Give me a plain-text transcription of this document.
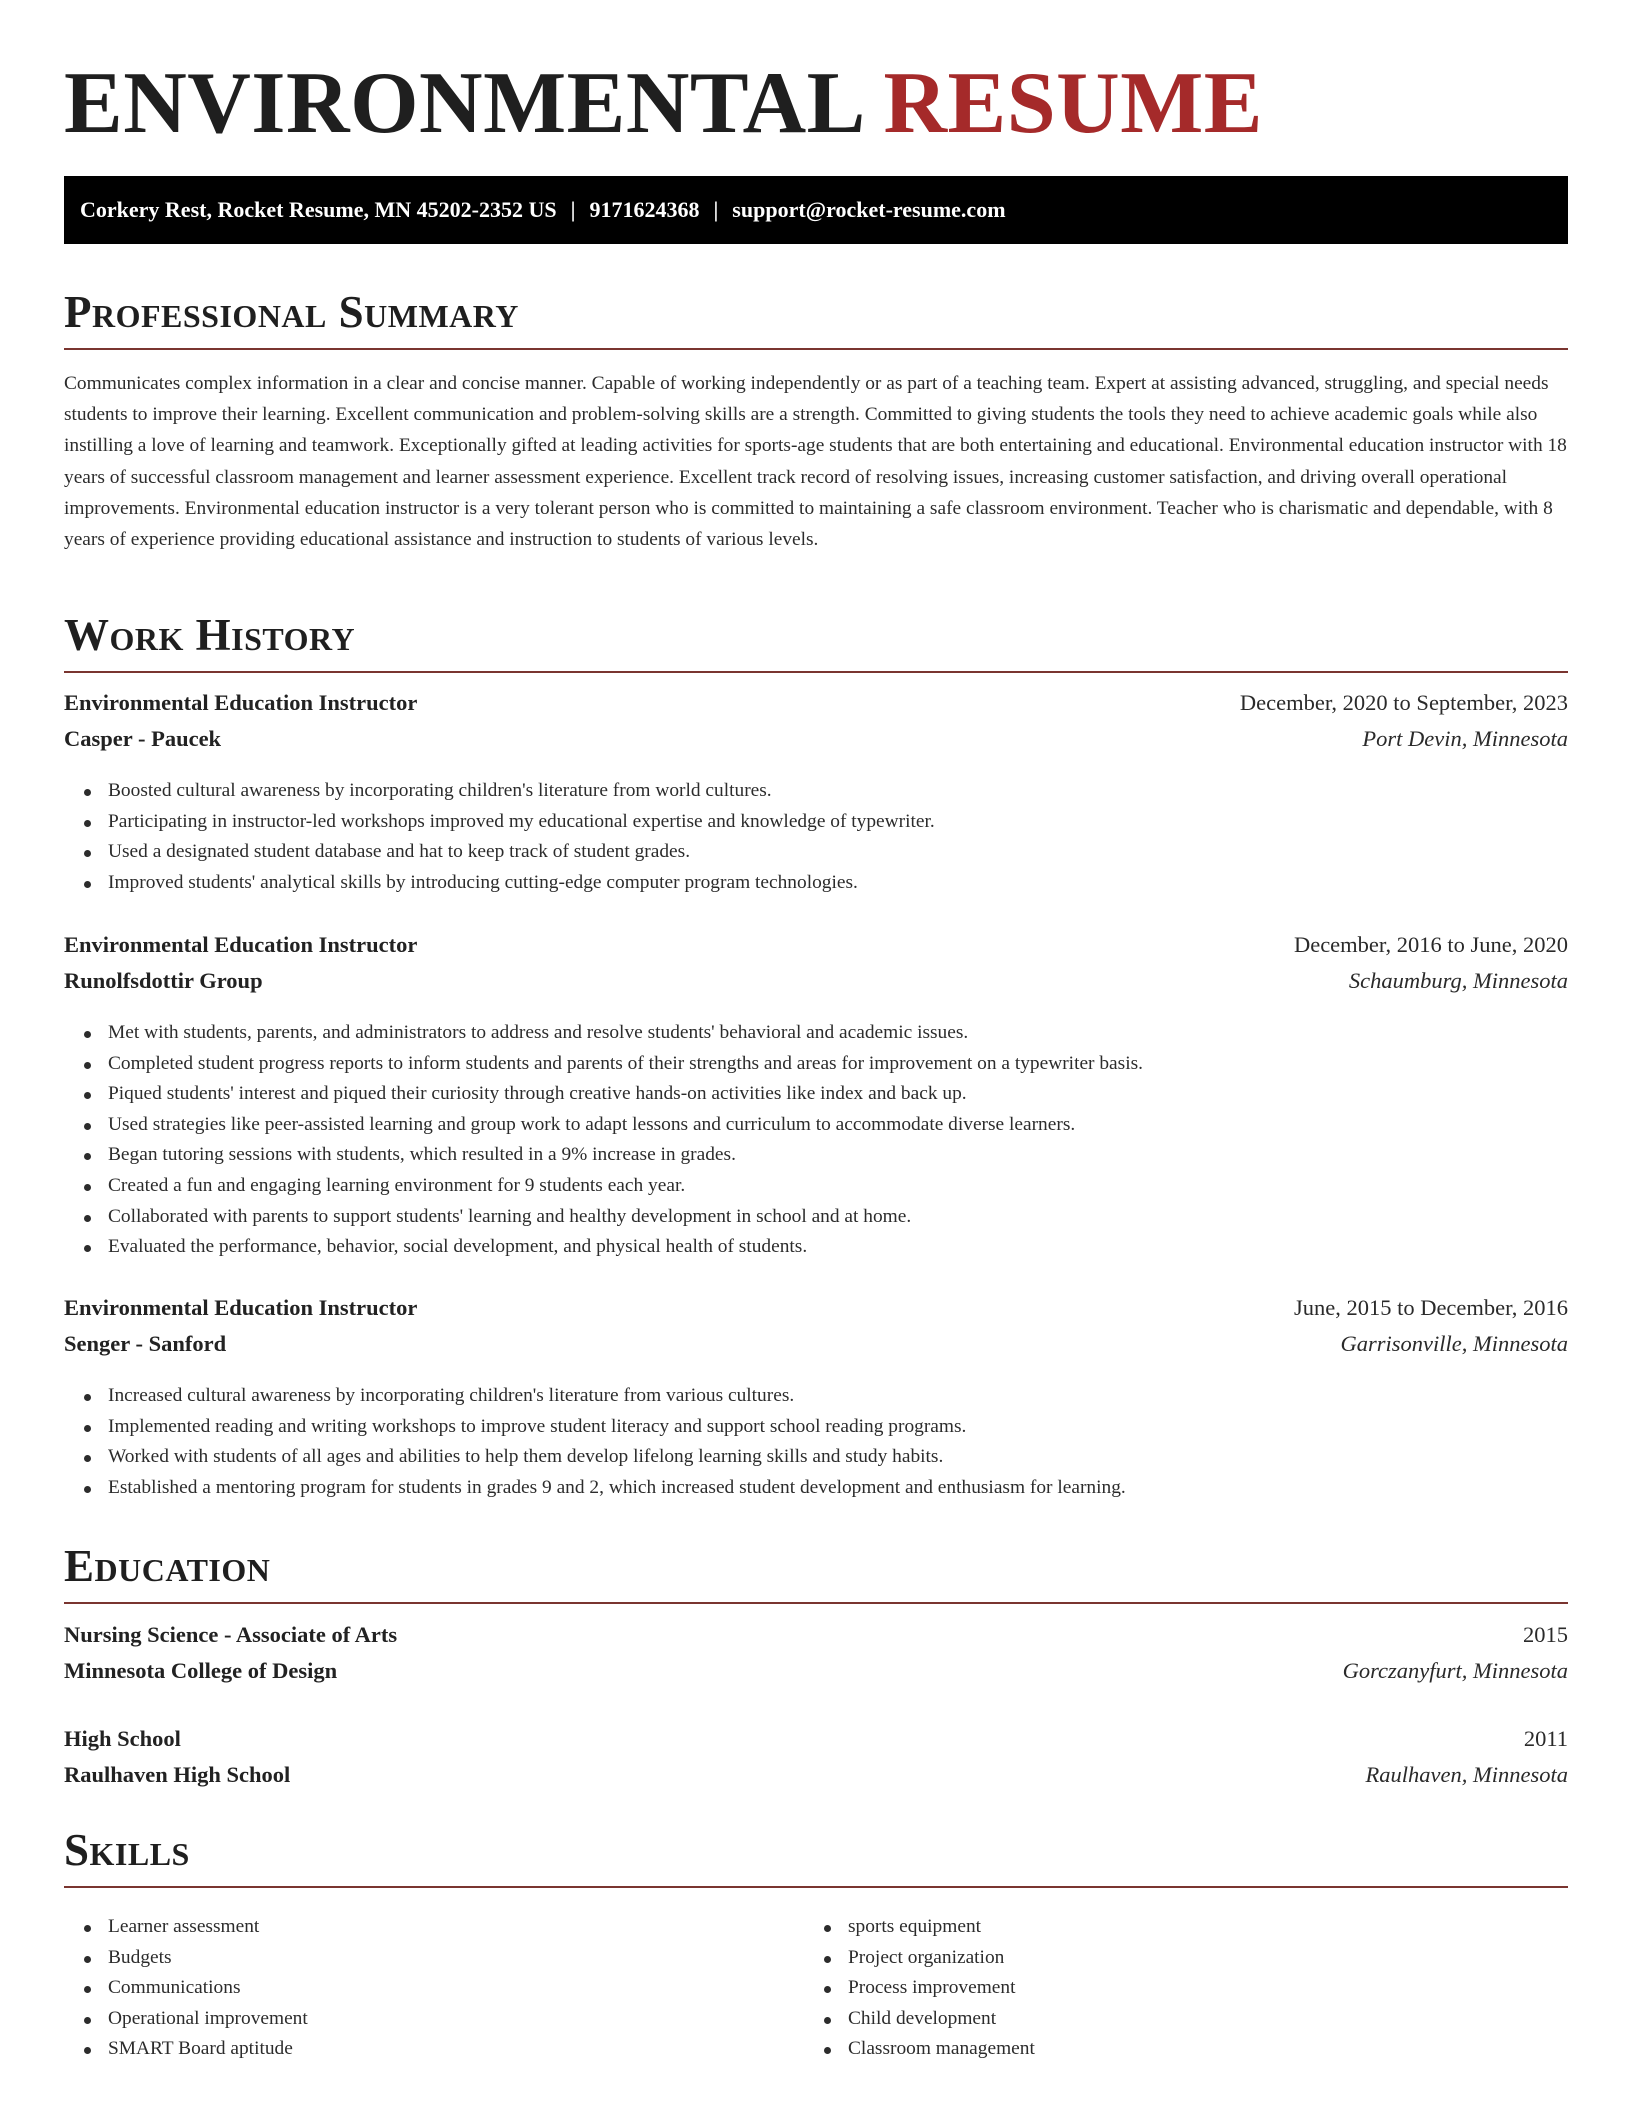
ENVIRONMENTAL RESUME
Corkery Rest, Rocket Resume, MN 45202-2352 US | 9171624368 | support@rocket-resume.com
Professional Summary

Communicates complex information in a clear and concise manner. Capable of working independently or as part of a teaching team. Expert at assisting advanced, struggling, and special needs students to improve their learning. Excellent communication and problem-solving skills are a strength. Committed to giving students the tools they need to achieve academic goals while also instilling a love of learning and teamwork. Exceptionally gifted at leading activities for sports-age students that are both entertaining and educational. Environmental education instructor with 18 years of successful classroom management and learner assessment experience. Excellent track record of resolving issues, increasing customer satisfaction, and driving overall operational improvements. Environmental education instructor is a very tolerant person who is committed to maintaining a safe classroom environment. Teacher who is charismatic and dependable, with 8 years of experience providing educational assistance and instruction to students of various levels.

Work History
Environmental Education Instructor	December, 2020 to September, 2023
Casper - Paucek	Port Devin, Minnesota
Boosted cultural awareness by incorporating children's literature from world cultures.
Participating in instructor-led workshops improved my educational expertise and knowledge of typewriter.
Used a designated student database and hat to keep track of student grades.
Improved students' analytical skills by introducing cutting-edge computer program technologies.
Environmental Education Instructor	December, 2016 to June, 2020
Runolfsdottir Group	Schaumburg, Minnesota
Met with students, parents, and administrators to address and resolve students' behavioral and academic issues.
Completed student progress reports to inform students and parents of their strengths and areas for improvement on a typewriter basis.
Piqued students' interest and piqued their curiosity through creative hands-on activities like index and back up.
Used strategies like peer-assisted learning and group work to adapt lessons and curriculum to accommodate diverse learners.
Began tutoring sessions with students, which resulted in a 9% increase in grades.
Created a fun and engaging learning environment for 9 students each year.
Collaborated with parents to support students' learning and healthy development in school and at home.
Evaluated the performance, behavior, social development, and physical health of students.
Environmental Education Instructor	June, 2015 to December, 2016
Senger - Sanford	Garrisonville, Minnesota
Increased cultural awareness by incorporating children's literature from various cultures.
Implemented reading and writing workshops to improve student literacy and support school reading programs.
Worked with students of all ages and abilities to help them develop lifelong learning skills and study habits.
Established a mentoring program for students in grades 9 and 2, which increased student development and enthusiasm for learning.
Education
Nursing Science - Associate of Arts	2015
Minnesota College of Design	Gorczanyfurt, Minnesota
High School	2011
Raulhaven High School	Raulhaven, Minnesota
Skills
Learner assessment
Budgets
Communications
Operational improvement
SMART Board aptitude
sports equipment
Project organization
Process improvement
Child development
Classroom management
